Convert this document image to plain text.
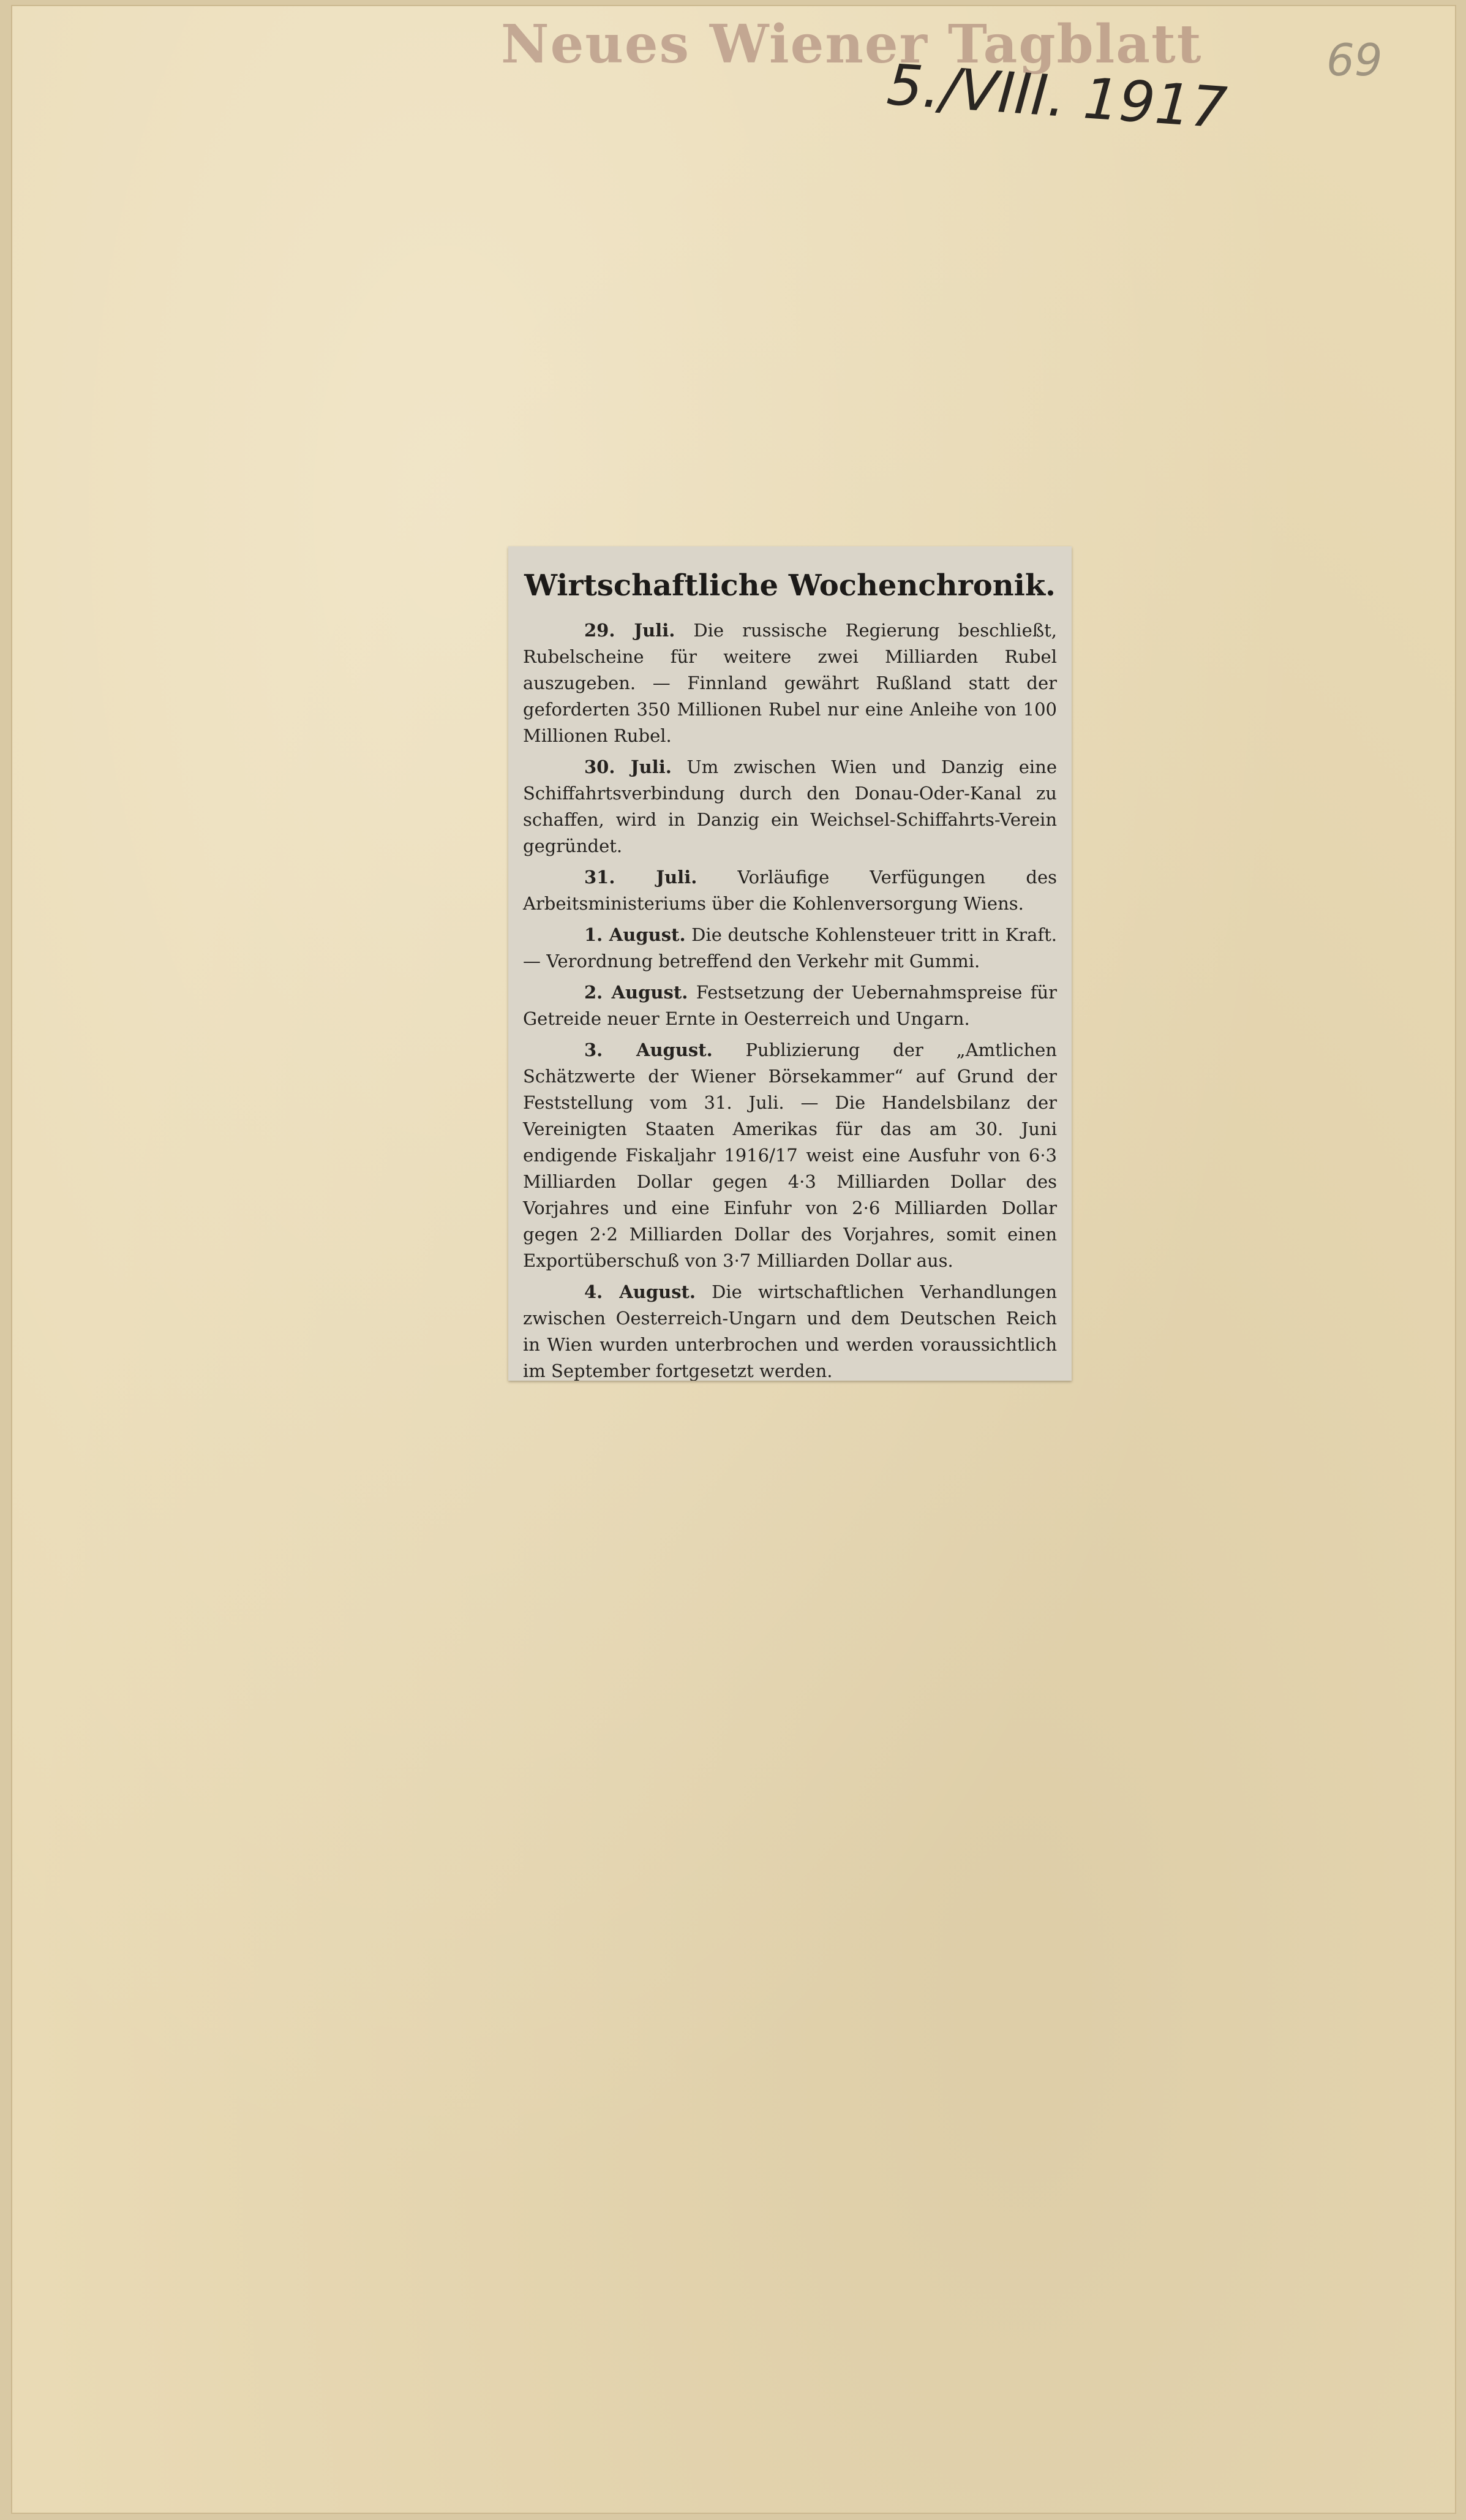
Neues Wiener Tagblatt
5./VIII. 1917 69
Wirtschaftliche Wochenchronik.

29. Juli. Die russische Regierung beschließt, Rubelscheine für weitere zwei Milliarden Rubel auszugeben. — Finnland gewährt Rußland statt der geforderten 350 Millionen Rubel nur eine Anleihe von 100 Millionen Rubel.

30. Juli. Um zwischen Wien und Danzig eine Schiffahrtsverbindung durch den Donau-Oder-Kanal zu schaffen, wird in Danzig ein Weichsel-Schiffahrts-Verein gegründet.

31. Juli. Vorläufige Verfügungen des Arbeitsministeriums über die Kohlenversorgung Wiens.

1. August. Die deutsche Kohlensteuer tritt in Kraft. — Verordnung betreffend den Verkehr mit Gummi.

2. August. Festsetzung der Uebernahmspreise für Getreide neuer Ernte in Oesterreich und Ungarn.

3. August. Publizierung der „Amtlichen Schätzwerte der Wiener Börsekammer“ auf Grund der Feststellung vom 31. Juli. — Die Handelsbilanz der Vereinigten Staaten Amerikas für das am 30. Juni endigende Fiskaljahr 1916/17 weist eine Ausfuhr von 6·3 Milliarden Dollar gegen 4·3 Milliarden Dollar des Vorjahres und eine Einfuhr von 2·6 Milliarden Dollar gegen 2·2 Milliarden Dollar des Vorjahres, somit einen Exportüberschuß von 3·7 Milliarden Dollar aus.

4. August. Die wirtschaftlichen Verhandlungen zwischen Oesterreich-Ungarn und dem Deutschen Reich in Wien wurden unterbrochen und werden voraussichtlich im September fortgesetzt werden.
